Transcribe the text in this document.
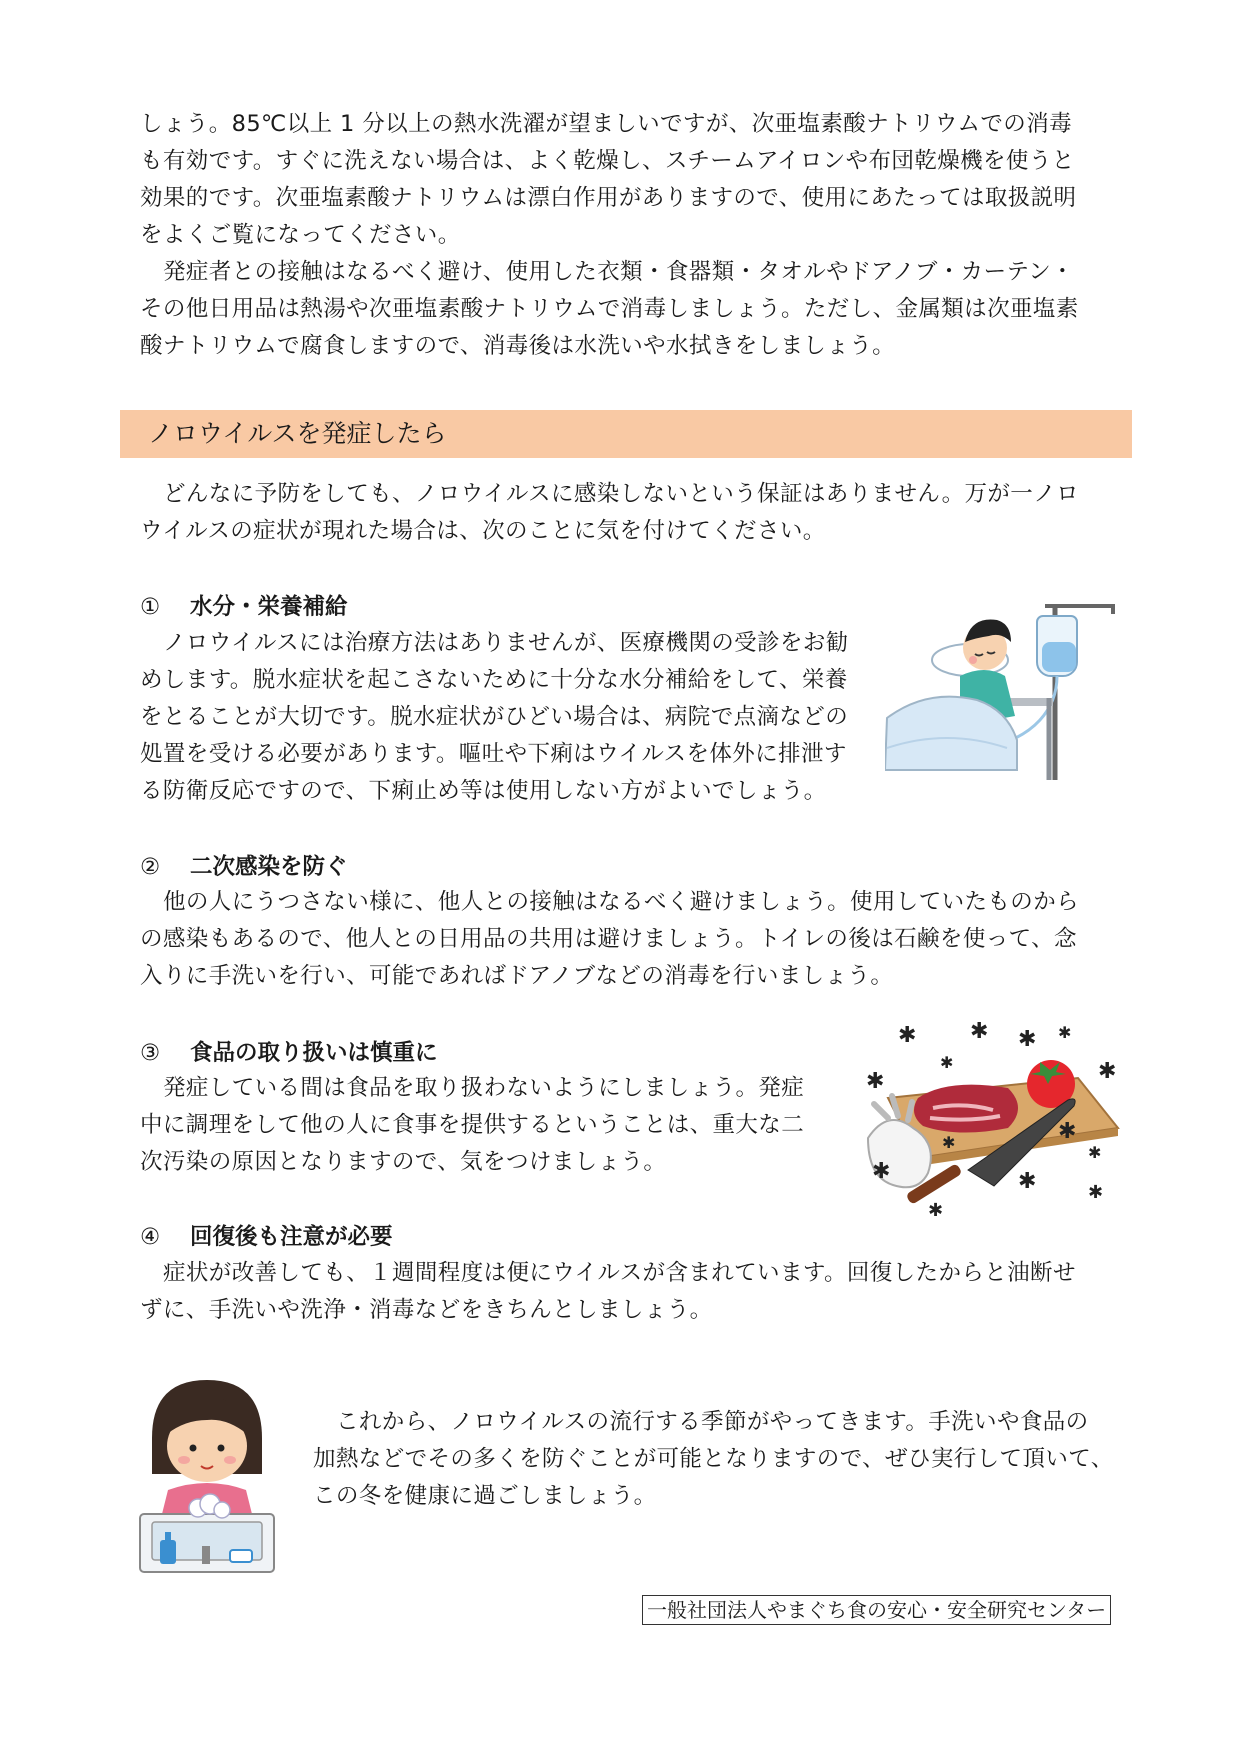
しょう。85℃以上 1 分以上の熱水洗濯が望ましいですが、次亜塩素酸ナトリウムでの消毒

も有効です。すぐに洗えない場合は、よく乾燥し、スチームアイロンや布団乾燥機を使うと

効果的です。次亜塩素酸ナトリウムは漂白作用がありますので、使用にあたっては取扱説明

をよくご覧になってください。

発症者との接触はなるべく避け、使用した衣類・食器類・タオルやドアノブ・カーテン・

その他日用品は熱湯や次亜塩素酸ナトリウムで消毒しましょう。ただし、金属類は次亜塩素

酸ナトリウムで腐食しますので、消毒後は水洗いや水拭きをしましょう。

ノロウイルスを発症したら

どんなに予防をしても、ノロウイルスに感染しないという保証はありません。万が一ノロ

ウイルスの症状が現れた場合は、次のことに気を付けてください。

① 水分・栄養補給

ノロウイルスには治療方法はありませんが、医療機関の受診をお勧

めします。脱水症状を起こさないために十分な水分補給をして、栄養

をとることが大切です。脱水症状がひどい場合は、病院で点滴などの

処置を受ける必要があります。嘔吐や下痢はウイルスを体外に排泄す

る防衛反応ですので、下痢止め等は使用しない方がよいでしょう。

② 二次感染を防ぐ

他の人にうつさない様に、他人との接触はなるべく避けましょう。使用していたものから

の感染もあるので、他人との日用品の共用は避けましょう。トイレの後は石鹸を使って、念

入りに手洗いを行い、可能であればドアノブなどの消毒を行いましょう。

③ 食品の取り扱いは慎重に

発症している間は食品を取り扱わないようにしましょう。発症

中に調理をして他の人に食事を提供するということは、重大な二

次汚染の原因となりますので、気をつけましょう。

✱ ✱ ✱ ✱
✱
✱	✱
✱
✱
✱
✱	✱
✱
✱
④ 回復後も注意が必要

症状が改善しても、１週間程度は便にウイルスが含まれています。回復したからと油断せ

ずに、手洗いや洗浄・消毒などをきちんとしましょう。

これから、ノロウイルスの流行する季節がやってきます。手洗いや食品の

加熱などでその多くを防ぐことが可能となりますので、ぜひ実行して頂いて、

この冬を健康に過ごしましょう。

一般社団法人やまぐち食の安心・安全研究センター
